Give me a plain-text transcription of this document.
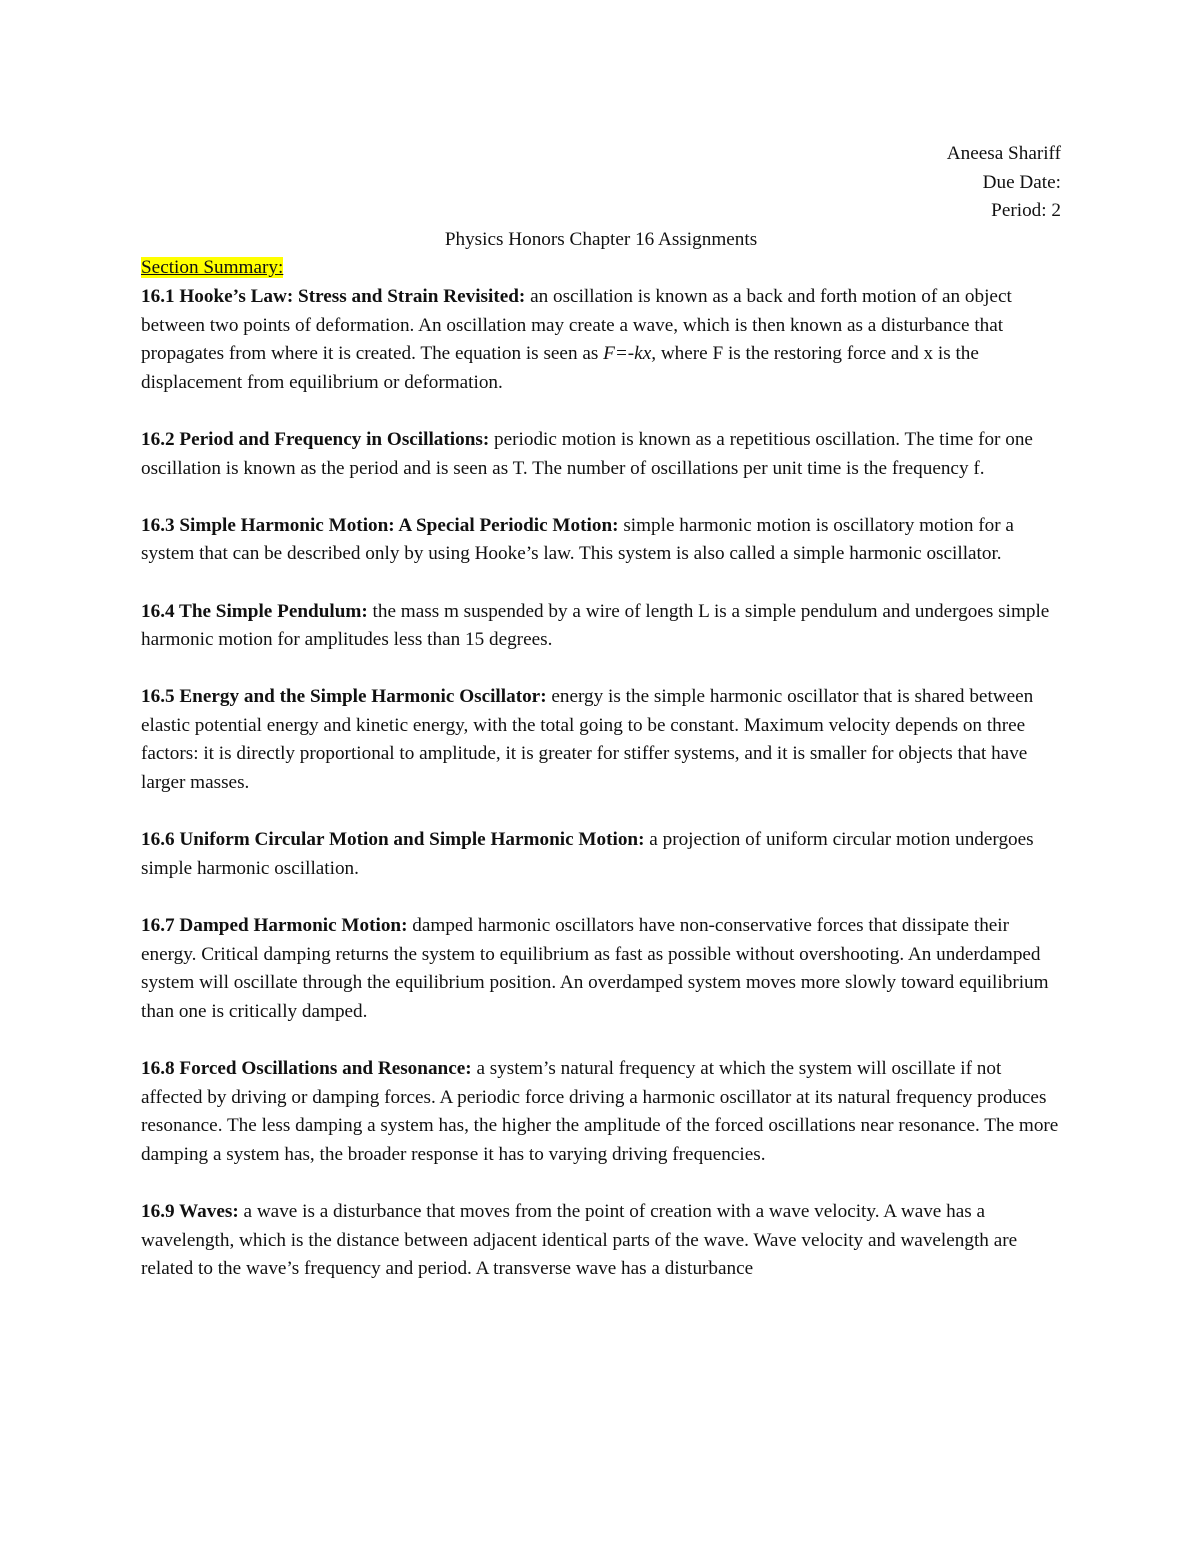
Aneesa Shariff

Due Date:

Period: 2

Physics Honors Chapter 16 Assignments

Section Summary:

16.1 Hooke’s Law: Stress and Strain Revisited: an oscillation is known as a back and forth motion of an object between two points of deformation. An oscillation may create a wave, which is then known as a disturbance that propagates from where it is created. The equation is seen as F=-kx, where F is the restoring force and x is the displacement from equilibrium or deformation.

16.2 Period and Frequency in Oscillations: periodic motion is known as a repetitious oscillation. The time for one oscillation is known as the period and is seen as T. The number of oscillations per unit time is the frequency f.

16.3 Simple Harmonic Motion: A Special Periodic Motion: simple harmonic motion is oscillatory motion for a system that can be described only by using Hooke’s law. This system is also called a simple harmonic oscillator.

16.4 The Simple Pendulum: the mass m suspended by a wire of length L is a simple pendulum and undergoes simple harmonic motion for amplitudes less than 15 degrees.

16.5 Energy and the Simple Harmonic Oscillator: energy is the simple harmonic oscillator that is shared between elastic potential energy and kinetic energy, with the total going to be constant. Maximum velocity depends on three factors: it is directly proportional to amplitude, it is greater for stiffer systems, and it is smaller for objects that have larger masses.

16.6 Uniform Circular Motion and Simple Harmonic Motion: a projection of uniform circular motion undergoes simple harmonic oscillation.

16.7 Damped Harmonic Motion: damped harmonic oscillators have non-conservative forces that dissipate their energy. Critical damping returns the system to equilibrium as fast as possible without overshooting. An underdamped system will oscillate through the equilibrium position. An overdamped system moves more slowly toward equilibrium than one is critically damped.

16.8 Forced Oscillations and Resonance: a system’s natural frequency at which the system will oscillate if not affected by driving or damping forces. A periodic force driving a harmonic oscillator at its natural frequency produces resonance. The less damping a system has, the higher the amplitude of the forced oscillations near resonance. The more damping a system has, the broader response it has to varying driving frequencies.

16.9 Waves: a wave is a disturbance that moves from the point of creation with a wave velocity. A wave has a wavelength, which is the distance between adjacent identical parts of the wave. Wave velocity and wavelength are related to the wave’s frequency and period. A transverse wave has a disturbance
